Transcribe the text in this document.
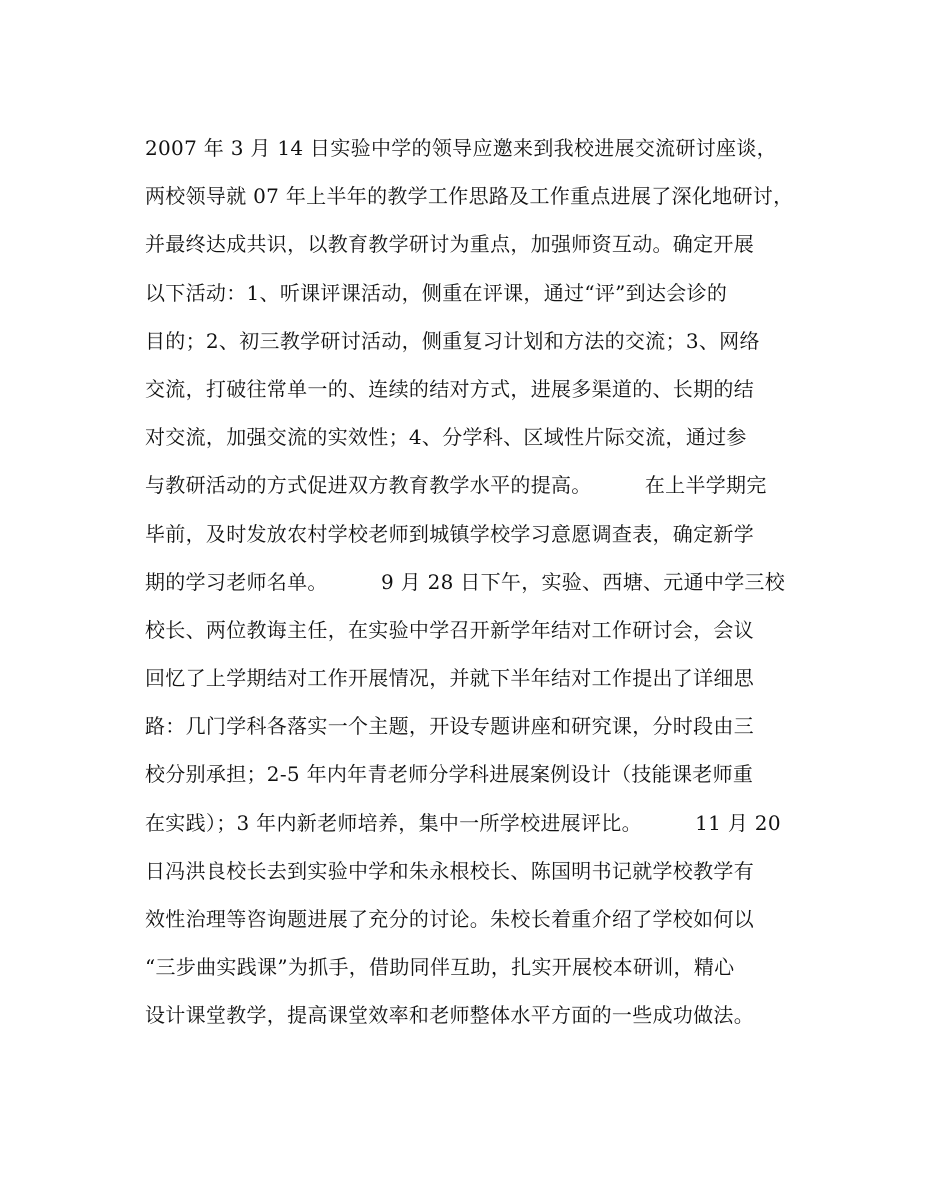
2007 年 3 月 14 日实验中学的领导应邀来到我校进展交流研讨座谈，
两校领导就 07 年上半年的教学工作思路及工作重点进展了深化地研讨，
并最终达成共识，以教育教学研讨为重点，加强师资互动。确定开展
以下活动：1、听课评课活动，侧重在评课，通过“评”到达会诊的
目的；2、初三教学研讨活动，侧重复习计划和方法的交流；3、网络
交流，打破往常单一的、连续的结对方式，进展多渠道的、长期的结
对交流，加强交流的实效性；4、分学科、区域性片际交流，通过参
与教研活动的方式促进双方教育教学水平的提高。        在上半学期完
毕前，及时发放农村学校老师到城镇学校学习意愿调查表，确定新学
期的学习老师名单。        9 月 28 日下午，实验、西塘、元通中学三校
校长、两位教诲主任，在实验中学召开新学年结对工作研讨会，会议
回忆了上学期结对工作开展情况，并就下半年结对工作提出了详细思
路：几门学科各落实一个主题，开设专题讲座和研究课，分时段由三
校分别承担；2-5 年内年青老师分学科进展案例设计（技能课老师重
在实践）；3 年内新老师培养，集中一所学校进展评比。        11 月 20
日冯洪良校长去到实验中学和朱永根校长、陈国明书记就学校教学有
效性治理等咨询题进展了充分的讨论。朱校长着重介绍了学校如何以
“三步曲实践课”为抓手，借助同伴互助，扎实开展校本研训，精心
设计课堂教学，提高课堂效率和老师整体水平方面的一些成功做法。
